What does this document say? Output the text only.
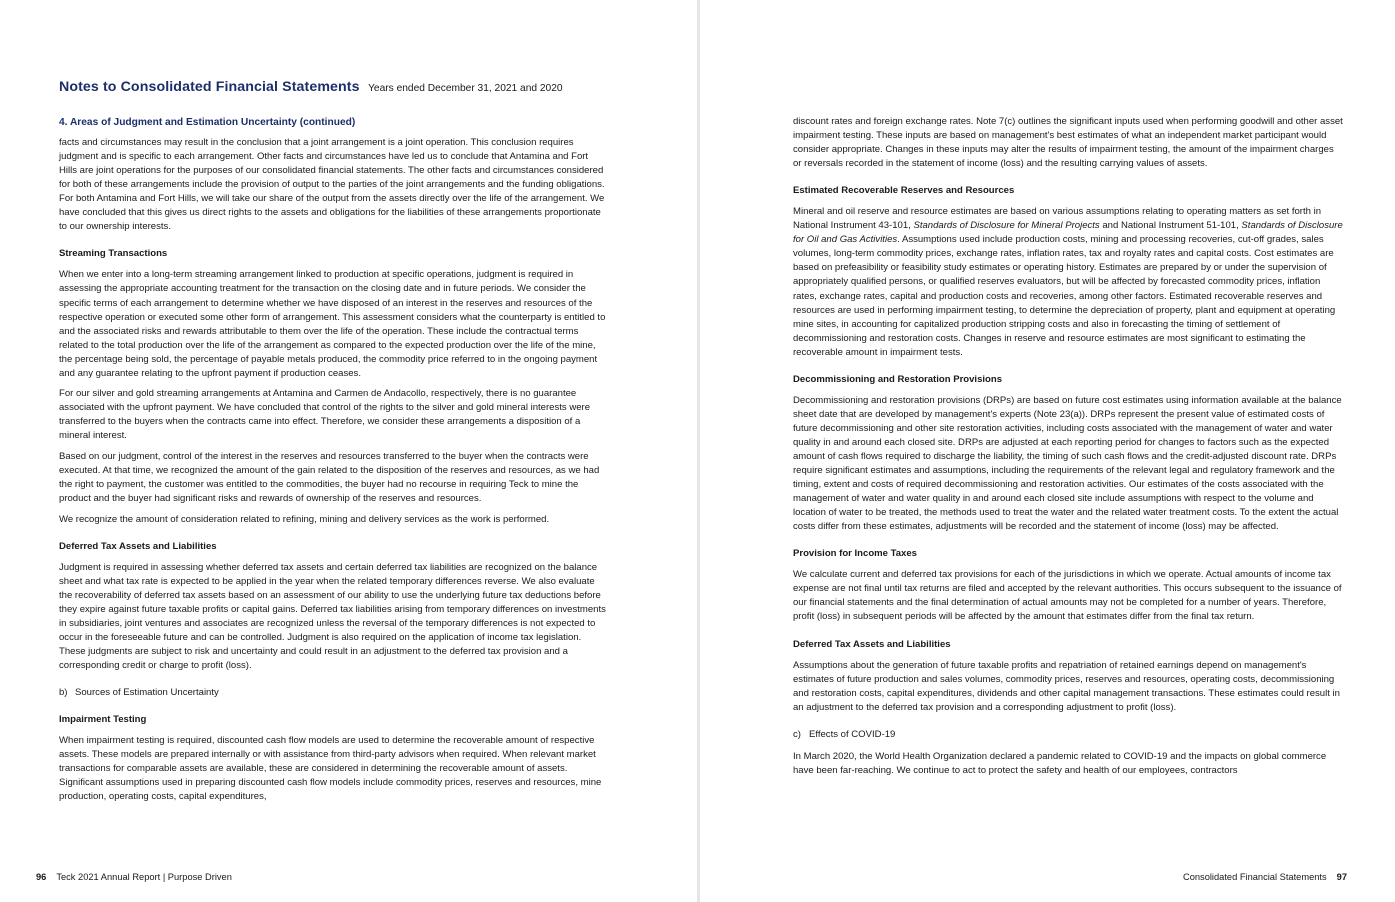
Notes to Consolidated Financial Statements Years ended December 31, 2021 and 2020
4. Areas of Judgment and Estimation Uncertainty (continued)

facts and circumstances may result in the conclusion that a joint arrangement is a joint operation. This conclusion requires judgment and is specific to each arrangement. Other facts and circumstances have led us to conclude that Antamina and Fort Hills are joint operations for the purposes of our consolidated financial statements. The other facts and circumstances considered for both of these arrangements include the provision of output to the parties of the joint arrangements and the funding obligations. For both Antamina and Fort Hills, we will take our share of the output from the assets directly over the life of the arrangement. We have concluded that this gives us direct rights to the assets and obligations for the liabilities of these arrangements proportionate to our ownership interests.

Streaming Transactions

When we enter into a long-term streaming arrangement linked to production at specific operations, judgment is required in assessing the appropriate accounting treatment for the transaction on the closing date and in future periods. We consider the specific terms of each arrangement to determine whether we have disposed of an interest in the reserves and resources of the respective operation or executed some other form of arrangement. This assessment considers what the counterparty is entitled to and the associated risks and rewards attributable to them over the life of the operation. These include the contractual terms related to the total production over the life of the arrangement as compared to the expected production over the life of the mine, the percentage being sold, the percentage of payable metals produced, the commodity price referred to in the ongoing payment and any guarantee relating to the upfront payment if production ceases.

For our silver and gold streaming arrangements at Antamina and Carmen de Andacollo, respectively, there is no guarantee associated with the upfront payment. We have concluded that control of the rights to the silver and gold mineral interests were transferred to the buyers when the contracts came into effect. Therefore, we consider these arrangements a disposition of a mineral interest.

Based on our judgment, control of the interest in the reserves and resources transferred to the buyer when the contracts were executed. At that time, we recognized the amount of the gain related to the disposition of the reserves and resources, as we had the right to payment, the customer was entitled to the commodities, the buyer had no recourse in requiring Teck to mine the product and the buyer had significant risks and rewards of ownership of the reserves and resources.

We recognize the amount of consideration related to refining, mining and delivery services as the work is performed.

Deferred Tax Assets and Liabilities

Judgment is required in assessing whether deferred tax assets and certain deferred tax liabilities are recognized on the balance sheet and what tax rate is expected to be applied in the year when the related temporary differences reverse. We also evaluate the recoverability of deferred tax assets based on an assessment of our ability to use the underlying future tax deductions before they expire against future taxable profits or capital gains. Deferred tax liabilities arising from temporary differences on investments in subsidiaries, joint ventures and associates are recognized unless the reversal of the temporary differences is not expected to occur in the foreseeable future and can be controlled. Judgment is also required on the application of income tax legislation. These judgments are subject to risk and uncertainty and could result in an adjustment to the deferred tax provision and a corresponding credit or charge to profit (loss).

b) Sources of Estimation Uncertainty
Impairment Testing

When impairment testing is required, discounted cash flow models are used to determine the recoverable amount of respective assets. These models are prepared internally or with assistance from third-party advisors when required. When relevant market transactions for comparable assets are available, these are considered in determining the recoverable amount of assets. Significant assumptions used in preparing discounted cash flow models include commodity prices, reserves and resources, mine production, operating costs, capital expenditures,

96 Teck 2021 Annual Report | Purpose Driven

discount rates and foreign exchange rates. Note 7(c) outlines the significant inputs used when performing goodwill and other asset impairment testing. These inputs are based on management's best estimates of what an independent market participant would consider appropriate. Changes in these inputs may alter the results of impairment testing, the amount of the impairment charges or reversals recorded in the statement of income (loss) and the resulting carrying values of assets.

Estimated Recoverable Reserves and Resources

Mineral and oil reserve and resource estimates are based on various assumptions relating to operating matters as set forth in National Instrument 43-101, Standards of Disclosure for Mineral Projects and National Instrument 51-101, Standards of Disclosure for Oil and Gas Activities. Assumptions used include production costs, mining and processing recoveries, cut-off grades, sales volumes, long-term commodity prices, exchange rates, inflation rates, tax and royalty rates and capital costs. Cost estimates are based on prefeasibility or feasibility study estimates or operating history. Estimates are prepared by or under the supervision of appropriately qualified persons, or qualified reserves evaluators, but will be affected by forecasted commodity prices, inflation rates, exchange rates, capital and production costs and recoveries, among other factors. Estimated recoverable reserves and resources are used in performing impairment testing, to determine the depreciation of property, plant and equipment at operating mine sites, in accounting for capitalized production stripping costs and also in forecasting the timing of settlement of decommissioning and restoration costs. Changes in reserve and resource estimates are most significant to estimating the recoverable amount in impairment tests.

Decommissioning and Restoration Provisions

Decommissioning and restoration provisions (DRPs) are based on future cost estimates using information available at the balance sheet date that are developed by management's experts (Note 23(a)). DRPs represent the present value of estimated costs of future decommissioning and other site restoration activities, including costs associated with the management of water and water quality in and around each closed site. DRPs are adjusted at each reporting period for changes to factors such as the expected amount of cash flows required to discharge the liability, the timing of such cash flows and the credit-adjusted discount rate. DRPs require significant estimates and assumptions, including the requirements of the relevant legal and regulatory framework and the timing, extent and costs of required decommissioning and restoration activities. Our estimates of the costs associated with the management of water and water quality in and around each closed site include assumptions with respect to the volume and location of water to be treated, the methods used to treat the water and the related water treatment costs. To the extent the actual costs differ from these estimates, adjustments will be recorded and the statement of income (loss) may be affected.

Provision for Income Taxes

We calculate current and deferred tax provisions for each of the jurisdictions in which we operate. Actual amounts of income tax expense are not final until tax returns are filed and accepted by the relevant authorities. This occurs subsequent to the issuance of our financial statements and the final determination of actual amounts may not be completed for a number of years. Therefore, profit (loss) in subsequent periods will be affected by the amount that estimates differ from the final tax return.

Deferred Tax Assets and Liabilities

Assumptions about the generation of future taxable profits and repatriation of retained earnings depend on management's estimates of future production and sales volumes, commodity prices, reserves and resources, operating costs, decommissioning and restoration costs, capital expenditures, dividends and other capital management transactions. These estimates could result in an adjustment to the deferred tax provision and a corresponding adjustment to profit (loss).

c) Effects of COVID-19

In March 2020, the World Health Organization declared a pandemic related to COVID-19 and the impacts on global commerce have been far-reaching. We continue to act to protect the safety and health of our employees, contractors

Consolidated Financial Statements 97
